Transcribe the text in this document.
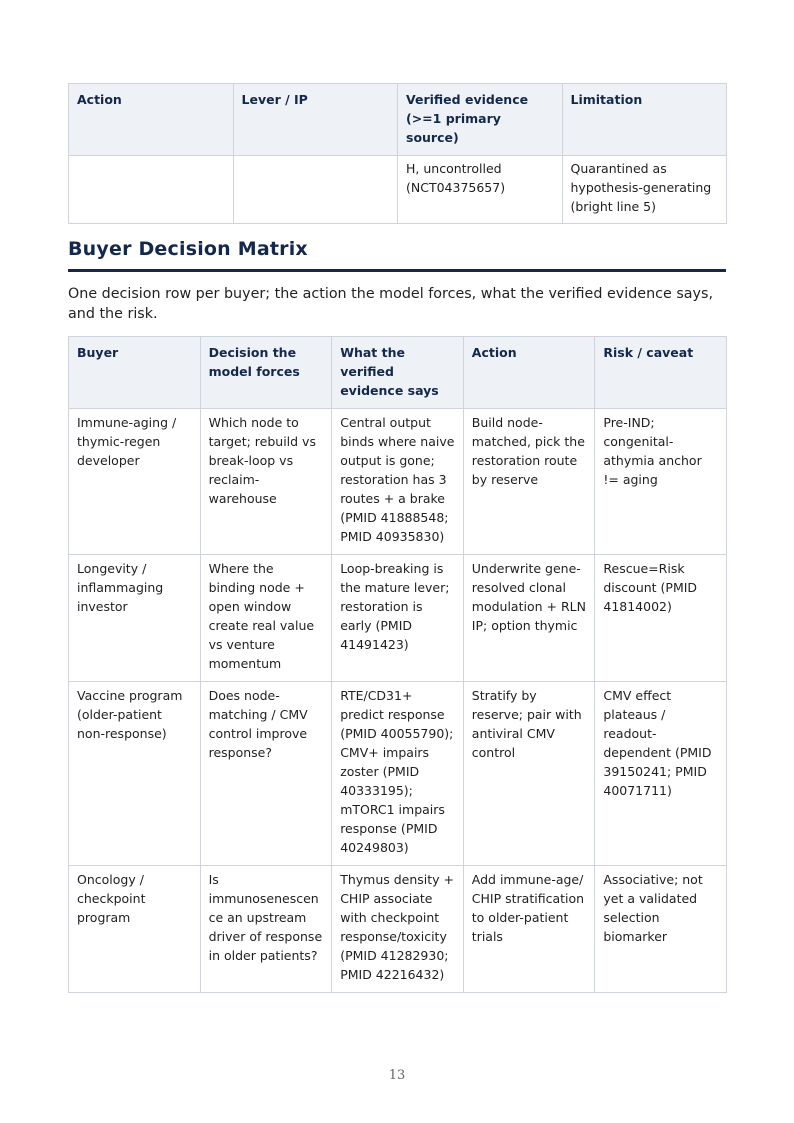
Action	Lever / IP	Verified evidence (>=1 primary source)	Limitation
		H, uncontrolled (NCT04375657)	Quarantined as hypothesis-generating (bright line 5)
Buyer Decision Matrix

One decision row per buyer; the action the model forces, what the verified evidence says, and the risk.

Buyer	Decision the model forces	What the verified evidence says	Action	Risk / caveat
Immune-aging / thymic-regen developer	Which node to target; rebuild vs break-loop vs reclaim-warehouse	Central output binds where naive output is gone; restoration has 3 routes + a brake (PMID 41888548; PMID 40935830)	Build node-matched, pick the restoration route by reserve	Pre-IND; congenital-athymia anchor != aging
Longevity / inflammaging investor	Where the binding node + open window create real value vs venture momentum	Loop-breaking is the mature lever; restoration is early (PMID 41491423)	Underwrite gene-resolved clonal modulation + RLN IP; option thymic	Rescue=Risk discount (PMID 41814002)
Vaccine program (older-patient non-response)	Does node-matching / CMV control improve response?	RTE/CD31+ predict response (PMID 40055790); CMV+ impairs zoster (PMID 40333195); mTORC1 impairs response (PMID 40249803)	Stratify by reserve; pair with antiviral CMV control	CMV effect plateaus / readout-dependent (PMID 39150241; PMID 40071711)
Oncology / checkpoint program	Is immunosenescence an upstream driver of response in older patients?	Thymus density + CHIP associate with checkpoint response/toxicity (PMID 41282930; PMID 42216432)	Add immune-age/ CHIP stratification to older-patient trials	Associative; not yet a validated selection biomarker
13
